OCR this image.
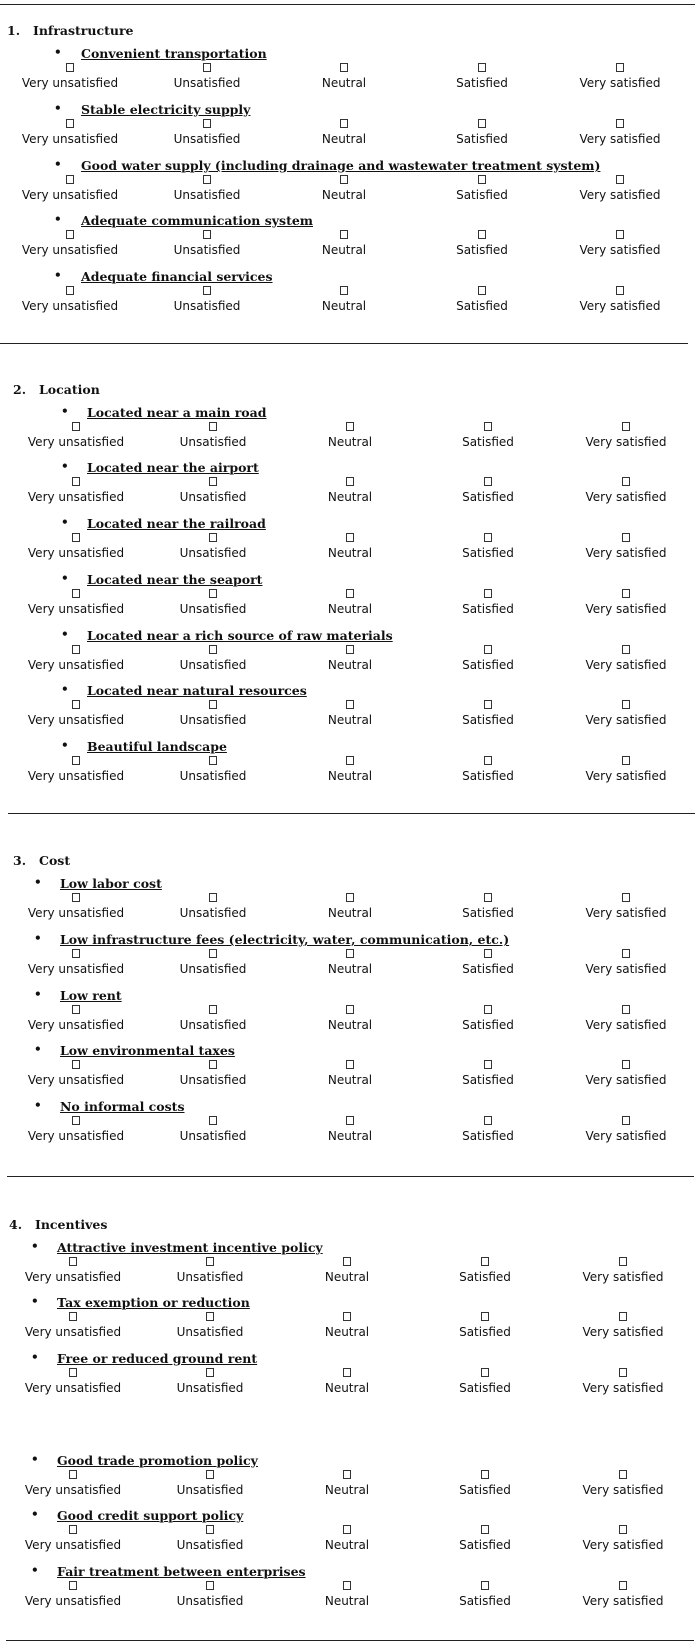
1. Infrastructure
2. Location
3. Cost
4. Incentives
• Convenient transportation
Very unsatisfied	Unsatisfied	Neutral	Satisfied	Very satisfied
• Stable electricity supply
Very unsatisfied	Unsatisfied	Neutral	Satisfied	Very satisfied
• Good water supply (including drainage and wastewater treatment system)
Very unsatisfied	Unsatisfied	Neutral	Satisfied	Very satisfied
• Adequate communication system
Very unsatisfied	Unsatisfied	Neutral	Satisfied	Very satisfied
• Adequate financial services
Very unsatisfied	Unsatisfied	Neutral	Satisfied	Very satisfied
• Located near a main road
Very unsatisfied	Unsatisfied	Neutral	Satisfied	Very satisfied
• Located near the airport
Very unsatisfied	Unsatisfied	Neutral	Satisfied	Very satisfied
• Located near the railroad
Very unsatisfied	Unsatisfied	Neutral	Satisfied	Very satisfied
• Located near the seaport
Very unsatisfied	Unsatisfied	Neutral	Satisfied	Very satisfied
• Located near a rich source of raw materials
Very unsatisfied	Unsatisfied	Neutral	Satisfied	Very satisfied
• Located near natural resources
Very unsatisfied	Unsatisfied	Neutral	Satisfied	Very satisfied
• Beautiful landscape
Very unsatisfied	Unsatisfied	Neutral	Satisfied	Very satisfied
• Low labor cost
Very unsatisfied	Unsatisfied	Neutral	Satisfied	Very satisfied
• Low infrastructure fees (electricity, water, communication, etc.)
Very unsatisfied	Unsatisfied	Neutral	Satisfied	Very satisfied
• Low rent
Very unsatisfied	Unsatisfied	Neutral	Satisfied	Very satisfied
• Low environmental taxes
Very unsatisfied	Unsatisfied	Neutral	Satisfied	Very satisfied
• No informal costs
Very unsatisfied	Unsatisfied	Neutral	Satisfied	Very satisfied
• Attractive investment incentive policy
Very unsatisfied	Unsatisfied	Neutral	Satisfied	Very satisfied
• Tax exemption or reduction
Very unsatisfied	Unsatisfied	Neutral	Satisfied	Very satisfied
• Free or reduced ground rent
Very unsatisfied	Unsatisfied	Neutral	Satisfied	Very satisfied
• Good trade promotion policy
Very unsatisfied	Unsatisfied	Neutral	Satisfied	Very satisfied
• Good credit support policy
Very unsatisfied	Unsatisfied	Neutral	Satisfied	Very satisfied
• Fair treatment between enterprises
Very unsatisfied	Unsatisfied	Neutral	Satisfied	Very satisfied
